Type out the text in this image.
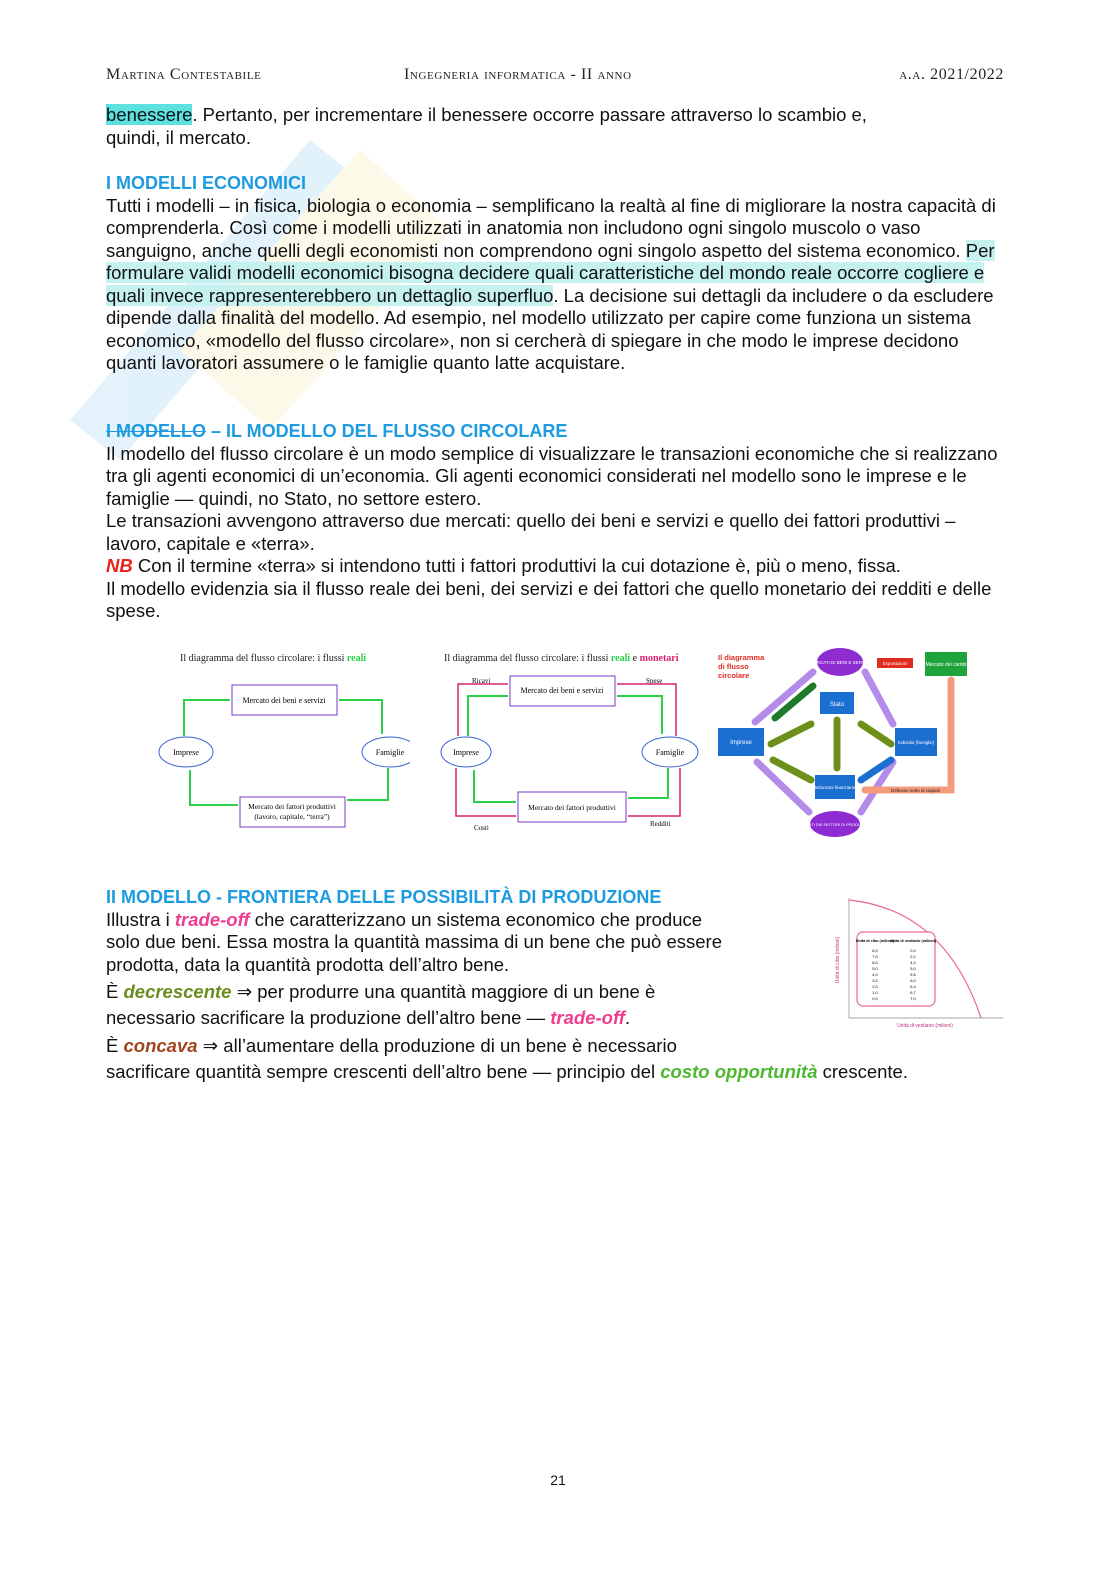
Martina Contestabile	Ingegneria informatica - II anno	a.a. 2021/2022

benessere. Pertanto, per incrementare il benessere occorre passare attraverso lo scambio e,

quindi, il mercato.

I MODELLI ECONOMICI

Tutti i modelli – in fisica, biologia o economia – semplificano la realtà al fine di migliorare la nostra capacità di comprenderla. Così come i modelli utilizzati in anatomia non includono ogni singolo muscolo o vaso sanguigno, anche quelli degli economisti non comprendono ogni singolo aspetto del sistema economico. Per formulare validi modelli economici bisogna decidere quali caratteristiche del mondo reale occorre cogliere e quali invece rappresenterebbero un dettaglio superfluo. La decisione sui dettagli da includere o da escludere dipende dalla finalità del modello. Ad esempio, nel modello utilizzato per capire come funziona un sistema economico, «modello del flusso circolare», non si cercherà di spiegare in che modo le imprese decidono quanti lavoratori assumere o le famiglie quanto latte acquistare.

I MODELLO – IL MODELLO DEL FLUSSO CIRCOLARE

Il modello del flusso circolare è un modo semplice di visualizzare le transazioni economiche che si realizzano tra gli agenti economici di un’economia. Gli agenti economici considerati nel modello sono le imprese e le famiglie — quindi, no Stato, no settore estero.

Le transazioni avvengono attraverso due mercati: quello dei beni e servizi e quello dei fattori produttivi – lavoro, capitale e «terra».

NB Con il termine «terra» si intendono tutti i fattori produttivi la cui dotazione è, più o meno, fissa.

Il modello evidenzia sia il flusso reale dei beni, dei servizi e dei fattori che quello monetario dei redditi e delle spese.

Il diagramma del flusso circolare: i flussi reali
Mercato dei beni e servizi
Imprese	Famiglie
Mercato dei fattori produttivi
(lavoro, capitale, “terra”)
Il diagramma del flusso circolare: i flussi reali e monetari
Ricavi	Spese
Mercato dei beni e servizi
Imprese	Famiglie
Mercato dei fattori produttivi
Costi	Redditi
Il diagramma
di flusso
circolare
MERCATI DI BENI E SERVIZI	Mercato dei cambi
Esportazioni
Stato
Imprese	Individui (famiglie)
Istituzioni finanziarie
MERCATI DEI FATTORI DI PRODUZIONE
Deflusso netto di capitali

II MODELLO - FRONTIERA DELLE POSSIBILITÀ DI PRODUZIONE

Illustra i trade-off che caratterizzano un sistema economico che produce

solo due beni. Essa mostra la quantità massima di un bene che può essere

prodotta, data la quantità prodotta dell’altro bene.

È decrescente ⇒ per produrre una quantità maggiore di un bene è

necessario sacrificare la produzione dell’altro bene — trade-off.

È concava ⇒ all’aumentare della produzione di un bene è necessario

sacrificare quantità sempre crescenti dell’altro bene — principio del costo opportunità crescente.

Unità di cibo (milioni)
Unità di vestiario (milioni)
Unità di cibo (milioni)
Unità di vestiario (milioni)
8,0	0,0
7,0	2,2
6,0	4,2
5,0	5,0
4,0	5,6
3,0	6,0
2,0	6,4
1,0	6,7
0,0	7,0
21
